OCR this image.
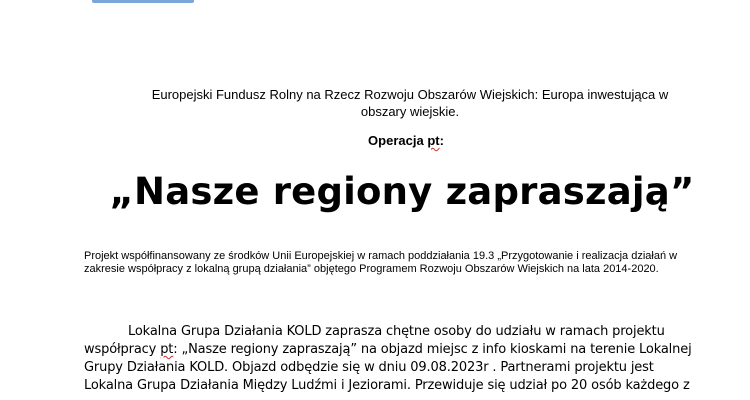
Europejski Fundusz Rolny na Rzecz Rozwoju Obszarów Wiejskich: Europa inwestująca w obszary wiejskie.
Operacja pt:
„Nasze regiony zapraszają”
Projekt współfinansowany ze środków Unii Europejskiej w ramach poddziałania 19.3 „Przygotowanie i realizacja działań w zakresie współpracy z lokalną grupą działania” objętego Programem Rozwoju Obszarów Wiejskich na lata 2014-2020.
Lokalna Grupa Działania KOLD zaprasza chętne osoby do udziału w ramach projektu współpracy pt: „Nasze regiony zapraszają” na objazd miejsc z info kioskami na terenie Lokalnej Grupy Działania KOLD. Objazd odbędzie się w dniu 09.08.2023r . Partnerami projektu jest Lokalna Grupa Działania Między Ludźmi i Jeziorami. Przewiduje się udział po 20 osób każdego z
